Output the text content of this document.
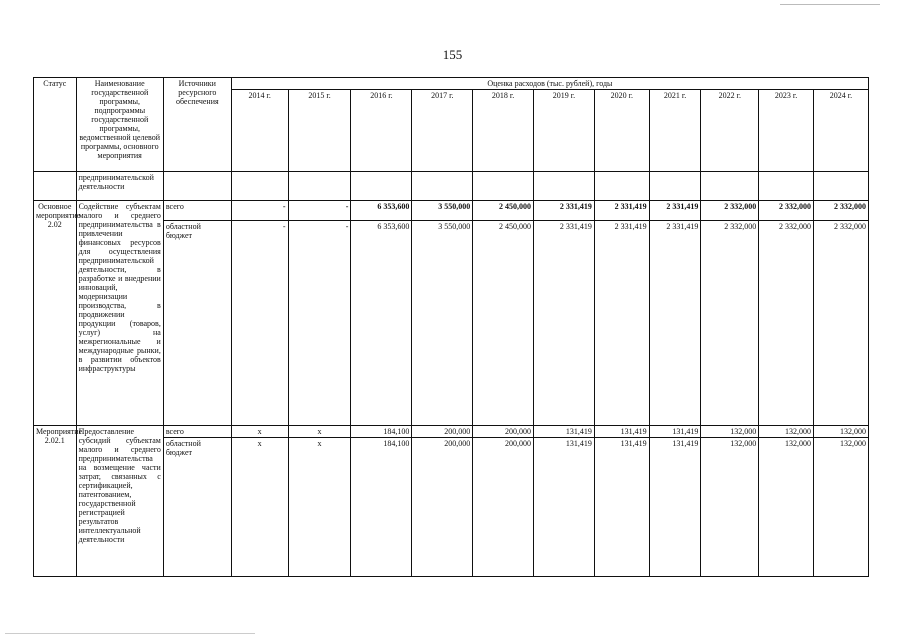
155
Статус	Наименование государственной программы, подпрограммы государственной программы, ведомственной целевой программы, основного мероприятия	Источники ресурсного обеспечения	Оценка расходов (тыс. рублей), годы										
			2014 г.	2015 г.	2016 г.	2017 г.	2018 г.	2019 г.	2020 г.	2021 г.	2022 г.	2023 г.	2024 г.
	предпринимательской деятельности												
Основное мероприятие 2.02	Содействие субъектам малого и среднего предпринимательства в привлечении финансовых ресурсов для осуществления предпринимательской деятельности, в разработке и внедрении инноваций, модернизации производства, в продвижении продукции (товаров, услуг) на межрегиональные и международные рынки, в развитии объектов инфраструктуры	всего	-	-	6 353,600	3 550,000	2 450,000	2 331,419	2 331,419	2 331,419	2 332,000	2 332,000	2 332,000
		областной бюджет	-	-	6 353,600	3 550,000	2 450,000	2 331,419	2 331,419	2 331,419	2 332,000	2 332,000	2 332,000
Мероприятие 2.02.1	Предоставление субсидий субъектам малого и среднего предпринимательства на возмещение части затрат, связанных с сертификацией, патентованием, государственной регистрацией результатов интеллектуальной деятельности	всего	x	x	184,100	200,000	200,000	131,419	131,419	131,419	132,000	132,000	132,000
		областной бюджет	x	x	184,100	200,000	200,000	131,419	131,419	131,419	132,000	132,000	132,000
